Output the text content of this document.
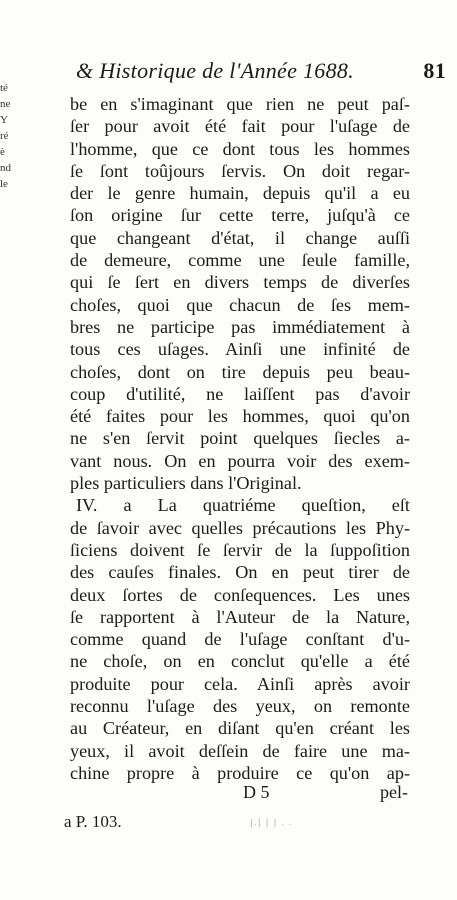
té
ne
Y
ré
è
nd
le
& Historique de l'Année 1688.	81
be en s'imaginant que rien ne peut paſ-
ſer pour avoit été fait pour l'uſage de
l'homme, que ce dont tous les hommes
ſe ſont toûjours ſervis. On doit regar-
der le genre humain, depuis qu'il a eu
ſon origine ſur cette terre, juſqu'à ce
que changeant d'état, il change auſſi
de demeure, comme une ſeule famille,
qui ſe ſert en divers temps de diverſes
choſes, quoi que chacun de ſes mem-
bres ne participe pas immédiatement à
tous ces uſages. Ainſi une infinité de
choſes, dont on tire depuis peu beau-
coup d'utilité, ne laiſſent pas d'avoir
été faites pour les hommes, quoi qu'on
ne s'en ſervit point quelques ſiecles a-
vant nous. On en pourra voir des exem-
ples particuliers dans l'Original.
IV. a La quatriéme queſtion, eſt
de ſavoir avec quelles précautions les Phy-
ſiciens doivent ſe ſervir de la ſuppoſition
des cauſes finales. On en peut tirer de
deux ſortes de conſequences. Les unes
ſe rapportent à l'Auteur de la Nature,
comme quand de l'uſage conſtant d'u-
ne choſe, on en conclut qu'elle a été
produite pour cela. Ainſi après avoir
reconnu l'uſage des yeux, on remonte
au Créateur, en diſant qu'en créant les
yeux, il avoit deſſein de faire une ma-
chine propre à produire ce qu'on ap-
D 5	pel-
a P. 103.	ꞁ.ꞁ ꞁ ꞁ . .
